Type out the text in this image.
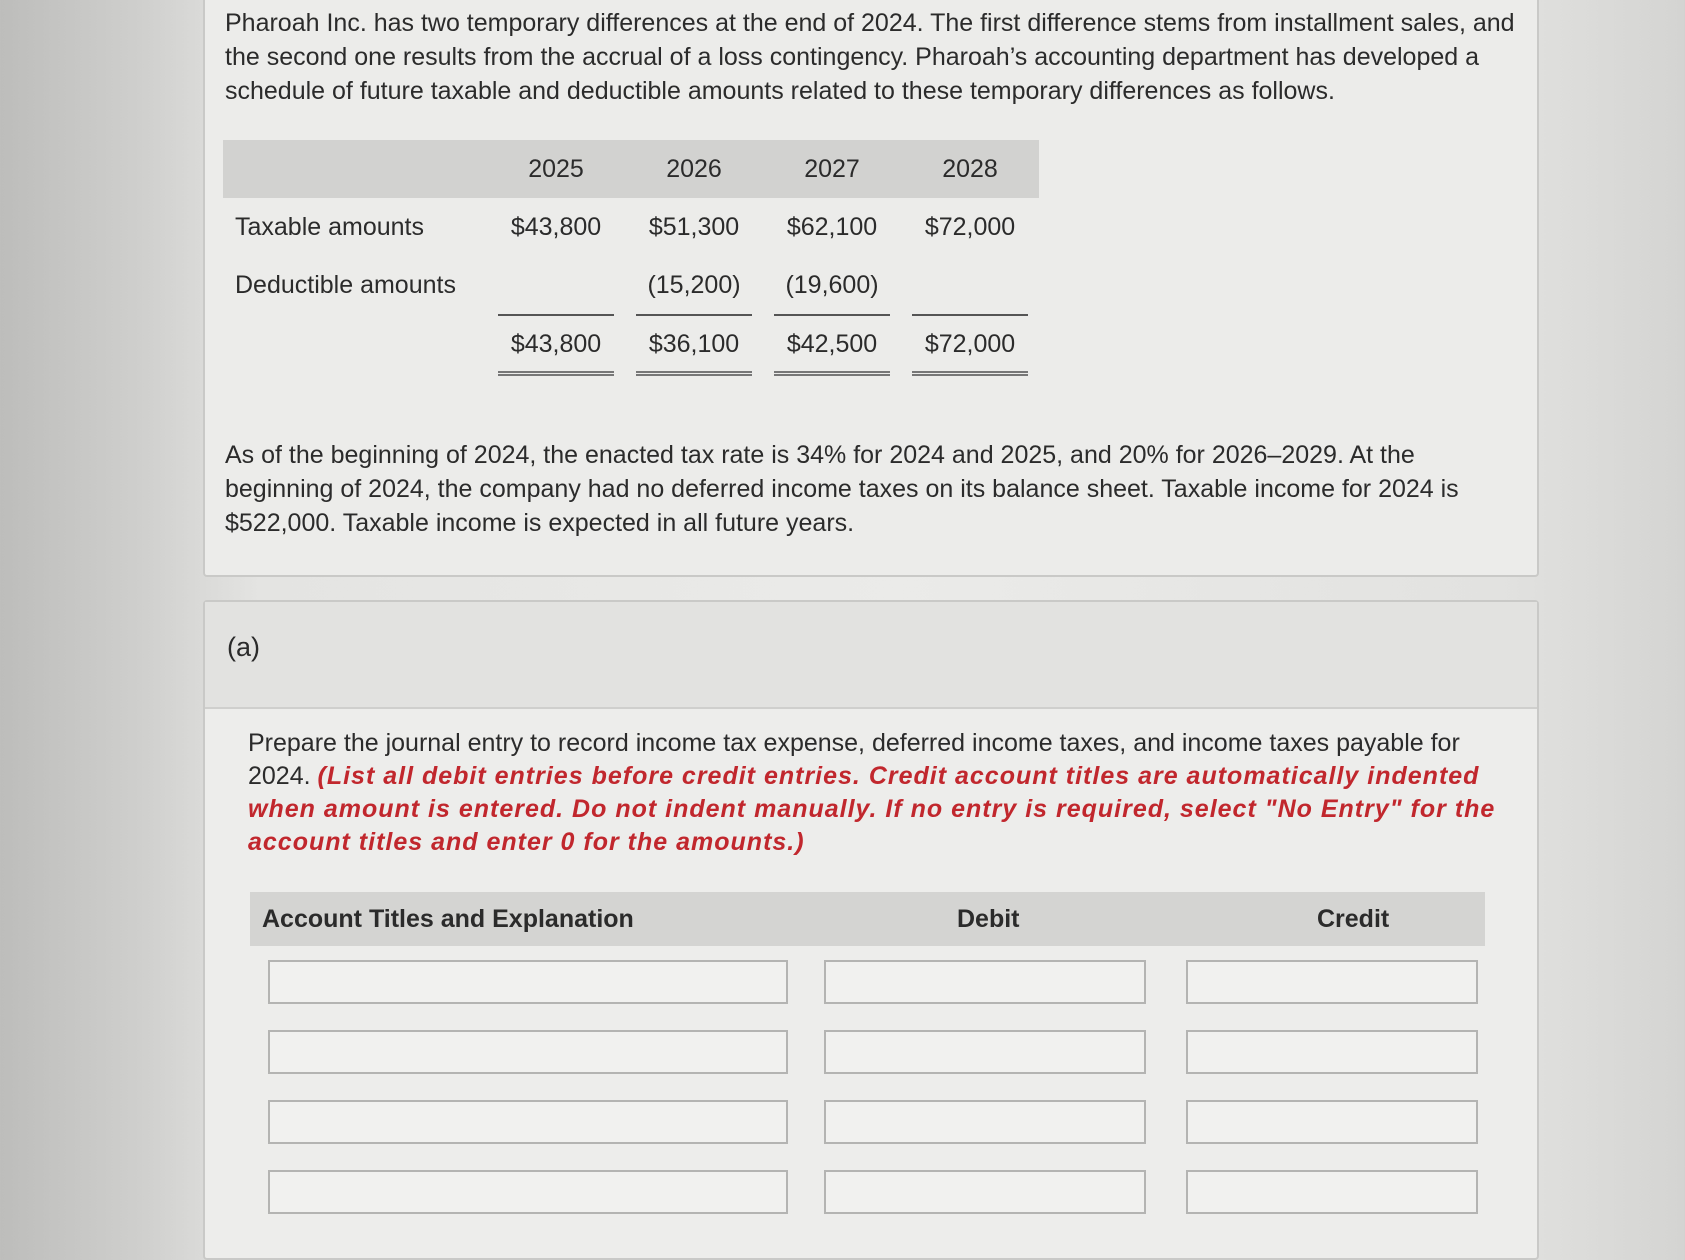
Pharoah Inc. has two temporary differences at the end of 2024. The first difference stems from installment sales, and the second one results from the accrual of a loss contingency. Pharoah’s accounting department has developed a schedule of future taxable and deductible amounts related to these temporary differences as follows.

	2025	2026	2027	2028
Taxable amounts	$43,800	$51,300	$62,100	$72,000
Deductible amounts		(15,200)	(19,600)	
	$43,800	$36,100	$42,500	$72,000

As of the beginning of 2024, the enacted tax rate is 34% for 2024 and 2025, and 20% for 2026–2029. At the beginning of 2024, the company had no deferred income taxes on its balance sheet. Taxable income for 2024 is $522,000. Taxable income is expected in all future years.

(a)

Prepare the journal entry to record income tax expense, deferred income taxes, and income taxes payable for 2024. (List all debit entries before credit entries. Credit account titles are automatically indented when amount is entered. Do not indent manually. If no entry is required, select "No Entry" for the account titles and enter 0 for the amounts.)

Account Titles and Explanation	Debit	Credit
